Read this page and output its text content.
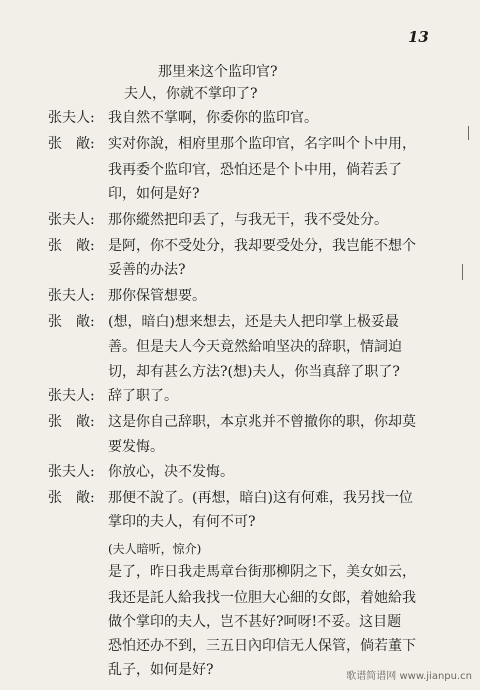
13
那里来这个监印官?
夫人，你就不掌印了?
张夫人: 我自然不掌啊，你委你的监印官。
张　敞: 实对你說，相府里那个监印官，名字叫个卜中用，
我再委个监印官，恐怕还是个卜中用，倘若丢了
印，如何是好?
张夫人: 那你縱然把印丢了，与我无干，我不受处分。
张　敞: 是阿，你不受处分，我却要受处分，我岂能不想个
妥善的办法?
张夫人: 那你保管想要。
张　敞: (想，暗白)想来想去，还是夫人把印掌上极妥最
善。但是夫人今天竟然給咱坚决的辞职，情詞迫
切，却有甚么方法?(想)夫人，你当真辞了职了?
张夫人: 辞了职了。
张　敞: 这是你自己辞职，本京兆并不曾撤你的职，你却莫
要发悔。
张夫人: 你放心，决不发悔。
张　敞: 那便不說了。(再想，暗白)这有何难，我另找一位
掌印的夫人，有何不可?
(夫人暗听，惊介)
是了，昨日我走馬章台街那柳阴之下，美女如云，
我还是託人給我找一位胆大心細的女郎，着她給我
做个掌印的夫人，岂不甚好?呵呀!不妥。这目题
恐怕还办不到，三五日內印信无人保管，倘若董下
乱子，如何是好?	歌谱简谱网 www.jianpu.cn
